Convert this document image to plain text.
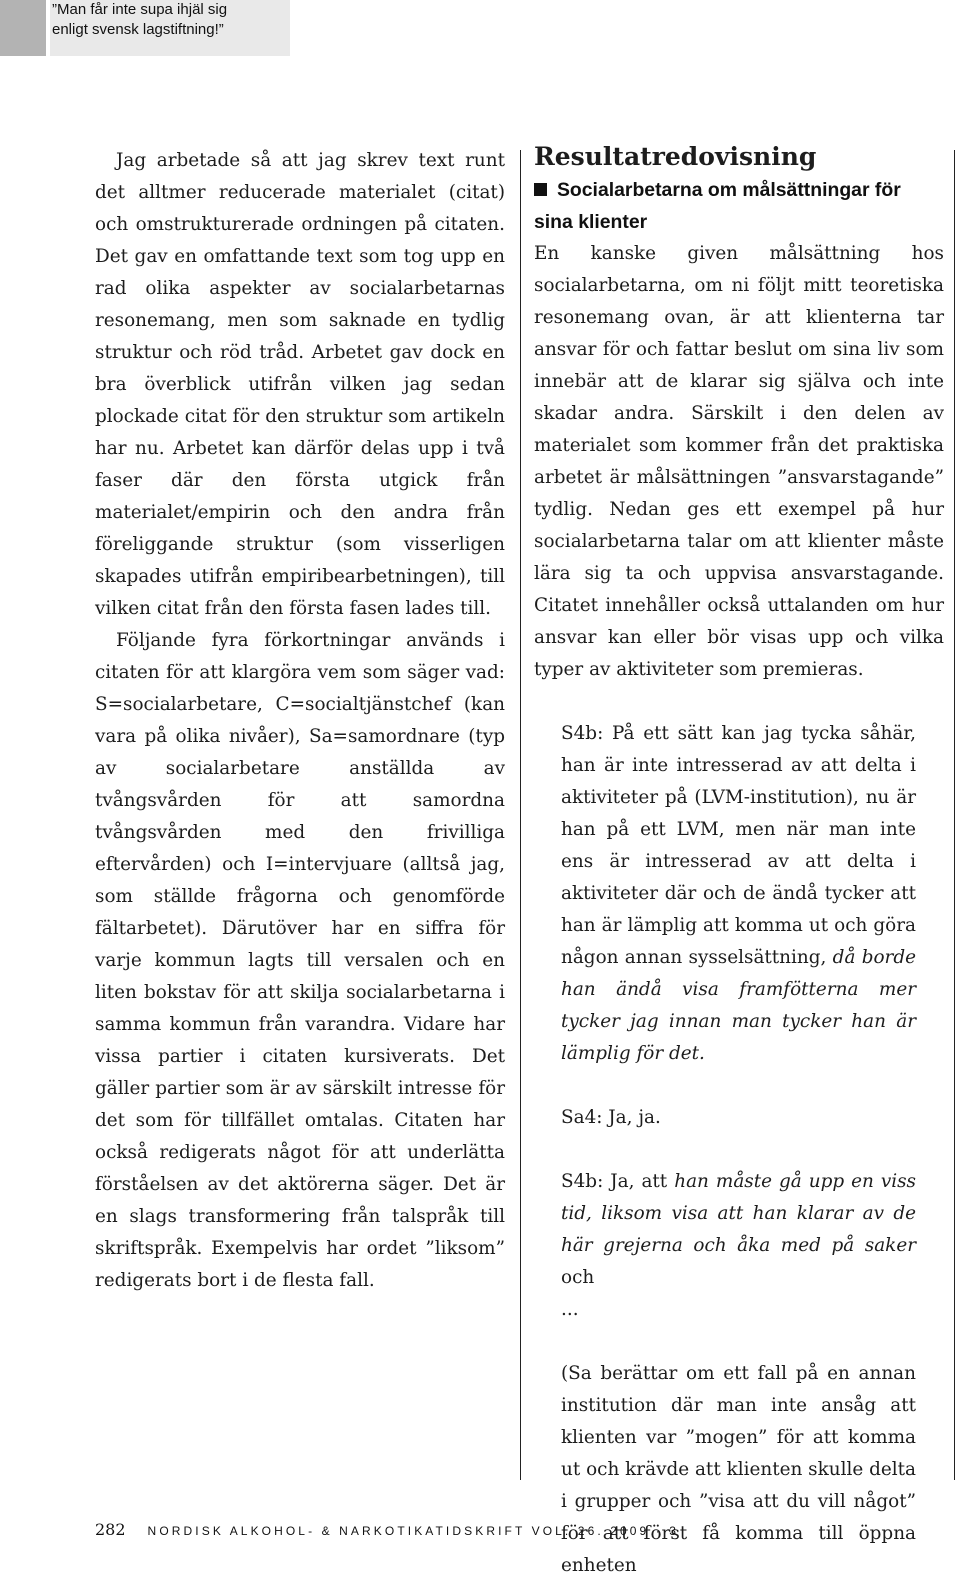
”Man får inte supa ihjäl sig
enligt svensk lagstiftning!”

Jag arbetade så att jag skrev text runt det alltmer reducerade materialet (citat) och omstrukturerade ordningen på citaten. Det gav en omfattande text som tog upp en rad olika aspekter av socialarbetarnas resonemang, men som saknade en tydlig struktur och röd tråd. Arbetet gav dock en bra överblick utifrån vilken jag sedan plockade citat för den struktur som artikeln har nu. Arbetet kan därför delas upp i två faser där den första utgick från materialet/empirin och den andra från föreliggande struktur (som visserligen skapades utifrån empiribearbetningen), till vilken citat från den första fasen lades till.

Följande fyra förkortningar används i citaten för att klargöra vem som säger vad: S=socialarbetare, C=socialtjänstchef (kan vara på olika nivåer), Sa=samordnare (typ av socialarbetare anställda av tvångsvården för att samordna tvångsvården med den frivilliga eftervården) och I=intervjuare (alltså jag, som ställde frågorna och genomförde fältarbetet). Därutöver har en siffra för varje kommun lagts till versalen och en liten bokstav för att skilja socialarbetarna i samma kommun från varandra. Vidare har vissa partier i citaten kursiverats. Det gäller partier som är av särskilt intresse för det som för tillfället omtalas. Citaten har också redigerats något för att underlätta förståelsen av det aktörerna säger. Det är en slags transformering från talspråk till skriftspråk. Exempelvis har ordet ”liksom” redigerats bort i de flesta fall.

Resultatredovisning
Socialarbetarna om målsättningar för sina klienter

En kanske given målsättning hos socialarbetarna, om ni följt mitt teoretiska resonemang ovan, är att klienterna tar ansvar för och fattar beslut om sina liv som innebär att de klarar sig själva och inte skadar andra. Särskilt i den delen av materialet som kommer från det praktiska arbetet är målsättningen ”ansvarstagande” tydlig. Nedan ges ett exempel på hur socialarbetarna talar om att klienter måste lära sig ta och uppvisa ansvarstagande. Citatet innehåller också uttalanden om hur ansvar kan eller bör visas upp och vilka typer av aktiviteter som premieras.

S4b: På ett sätt kan jag tycka såhär, han är inte intresserad av att delta i aktiviteter på (LVM-institution), nu är han på ett LVM, men när man inte ens är intresserad av att delta i aktiviteter där och de ändå tycker att han är lämplig att komma ut och göra någon annan sysselsättning, då borde han ändå visa framfötterna mer tycker jag innan man tycker han är lämplig för det.

Sa4: Ja, ja.

S4b: Ja, att han måste gå upp en viss tid, liksom visa att han klarar av de här grejerna och åka med på saker och
...

(Sa berättar om ett fall på en annan institution där man inte ansåg att klienten var ”mogen” för att komma ut och krävde att klienten skulle delta i grupper och ”visa att du vill något” för att först få komma till öppna enheten

282 NORDISK ALKOHOL- & NARKOTIKATIDSKRIFT VOL. 26. 2009 · 3
